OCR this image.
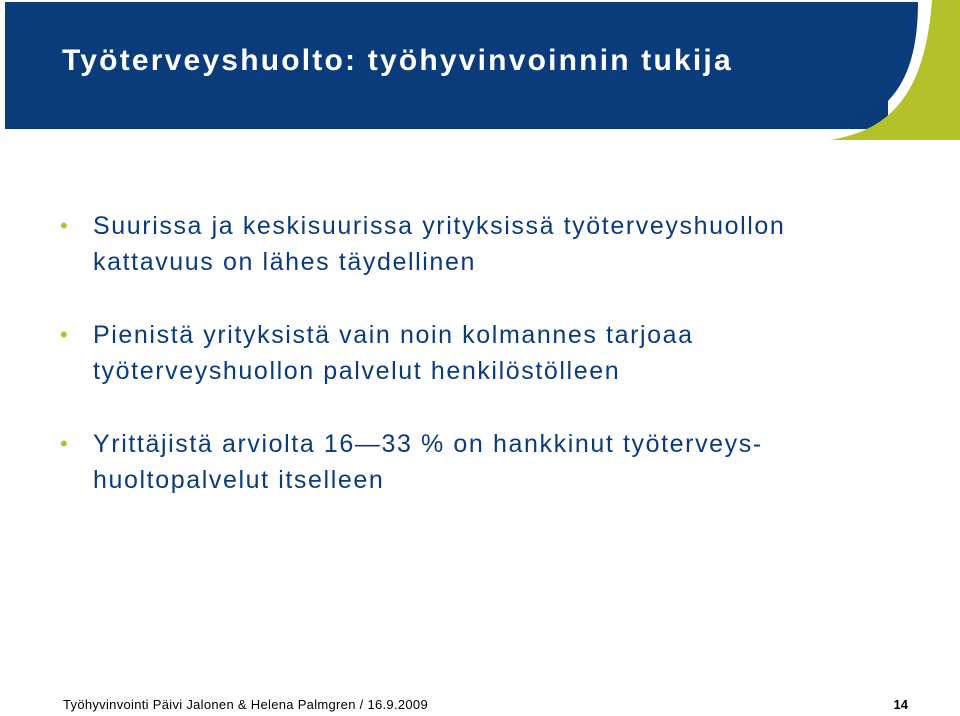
Työterveyshuolto: työhyvinvoinnin tukija
• Suurissa ja keskisuurissa yrityksissä työterveyshuollon
kattavuus on lähes täydellinen
• Pienistä yrityksistä vain noin kolmannes tarjoaa
työterveyshuollon palvelut henkilöstölleen
• Yrittäjistä arviolta 16—33 % on hankkinut työterveys-
huoltopalvelut itselleen
Työhyvinvointi Päivi Jalonen & Helena Palmgren / 16.9.2009	14
